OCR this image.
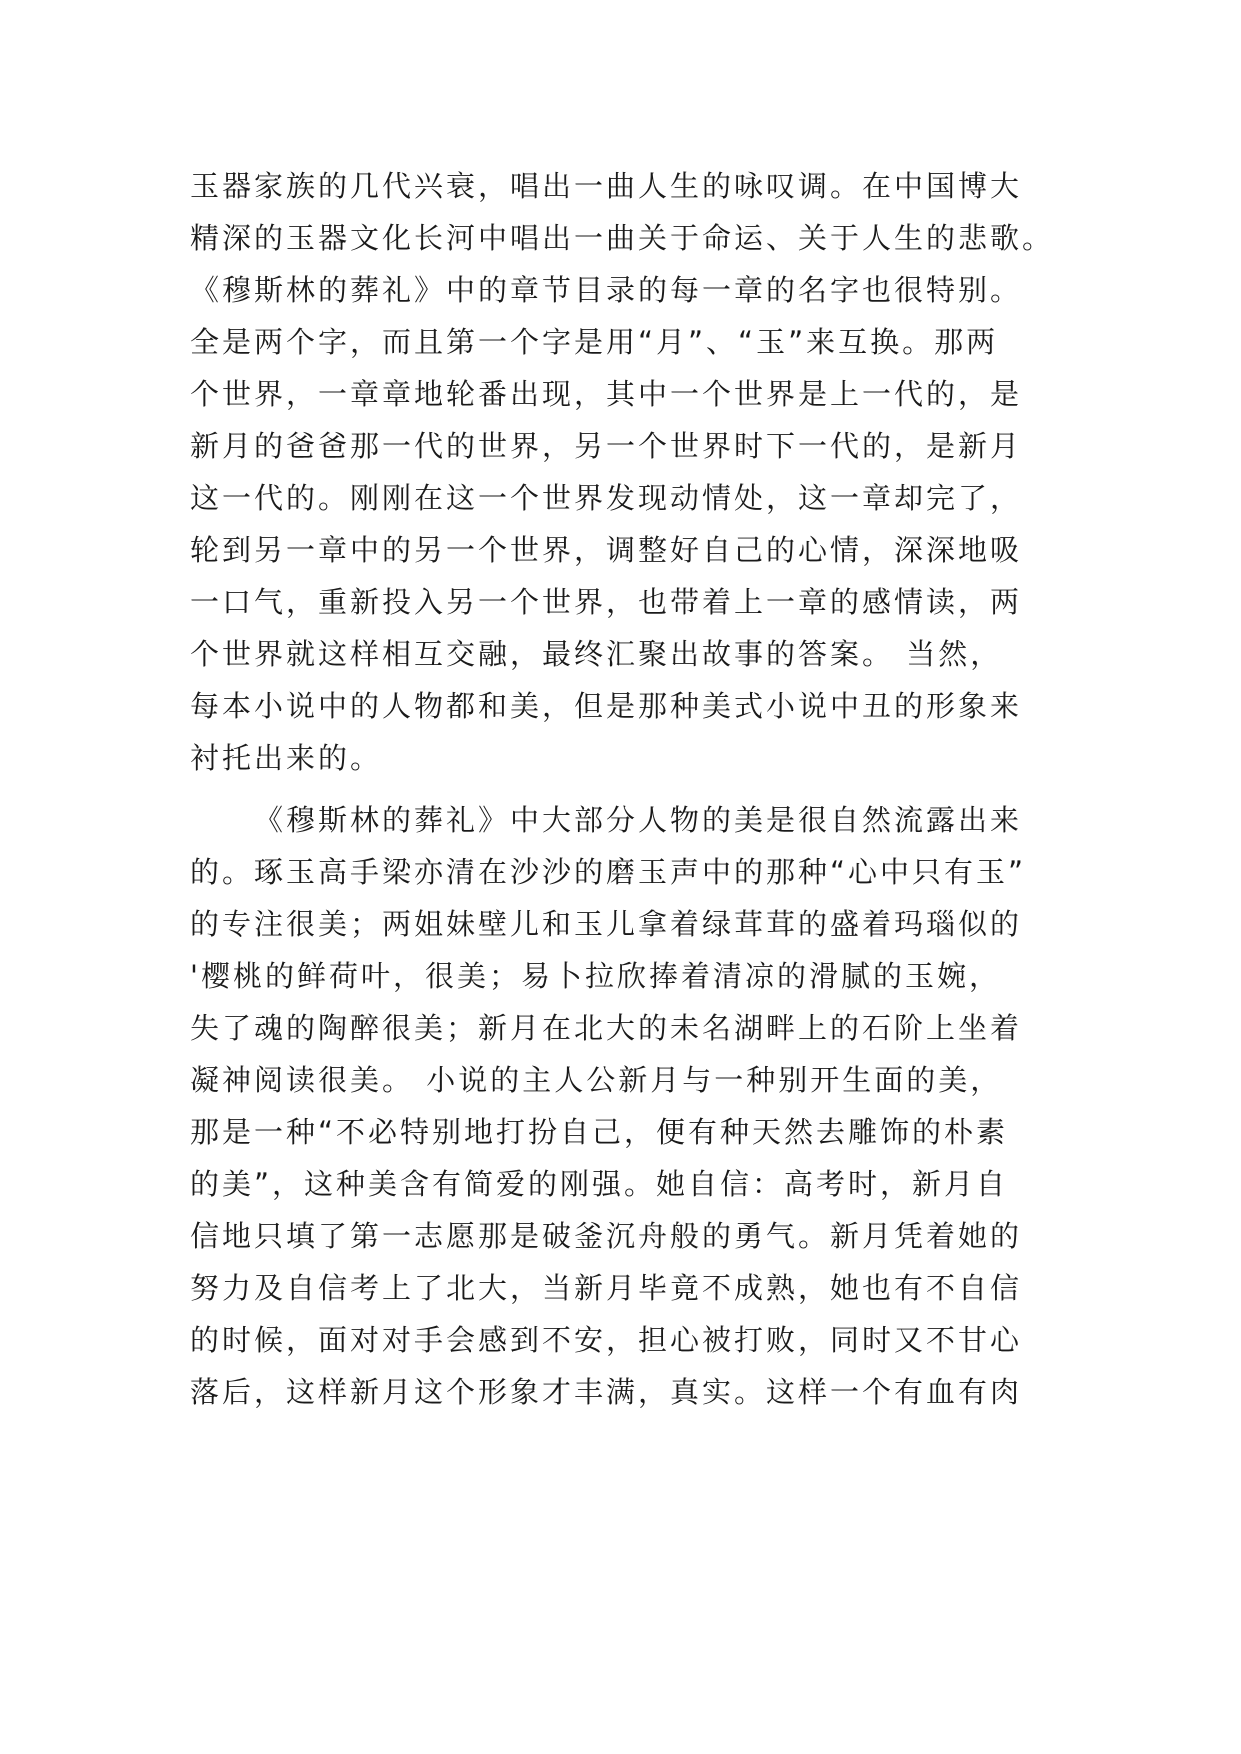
玉器家族的几代兴衰，唱出一曲人生的咏叹调。在中国博大
精深的玉器文化长河中唱出一曲关于命运、关于人生的悲歌。
《穆斯林的葬礼》中的章节目录的每一章的名字也很特别。
全是两个字，而且第一个字是用“月”、“玉”来互换。那两
个世界，一章章地轮番出现，其中一个世界是上一代的，是
新月的爸爸那一代的世界，另一个世界时下一代的，是新月
这一代的。刚刚在这一个世界发现动情处，这一章却完了，
轮到另一章中的另一个世界，调整好自己的心情，深深地吸
一口气，重新投入另一个世界，也带着上一章的感情读，两
个世界就这样相互交融，最终汇聚出故事的答案。 当然，
每本小说中的人物都和美，但是那种美式小说中丑的形象来
衬托出来的。
《穆斯林的葬礼》中大部分人物的美是很自然流露出来
的。琢玉高手梁亦清在沙沙的磨玉声中的那种“心中只有玉”
的专注很美；两姐妹壁儿和玉儿拿着绿茸茸的盛着玛瑙似的
'樱桃的鲜荷叶，很美；易卜拉欣捧着清凉的滑腻的玉婉，
失了魂的陶醉很美；新月在北大的未名湖畔上的石阶上坐着
凝神阅读很美。 小说的主人公新月与一种别开生面的美，
那是一种“不必特别地打扮自己，便有种天然去雕饰的朴素
的美”，这种美含有简爱的刚强。她自信：高考时，新月自
信地只填了第一志愿那是破釜沉舟般的勇气。新月凭着她的
努力及自信考上了北大，当新月毕竟不成熟，她也有不自信
的时候，面对对手会感到不安，担心被打败，同时又不甘心
落后，这样新月这个形象才丰满，真实。这样一个有血有肉
